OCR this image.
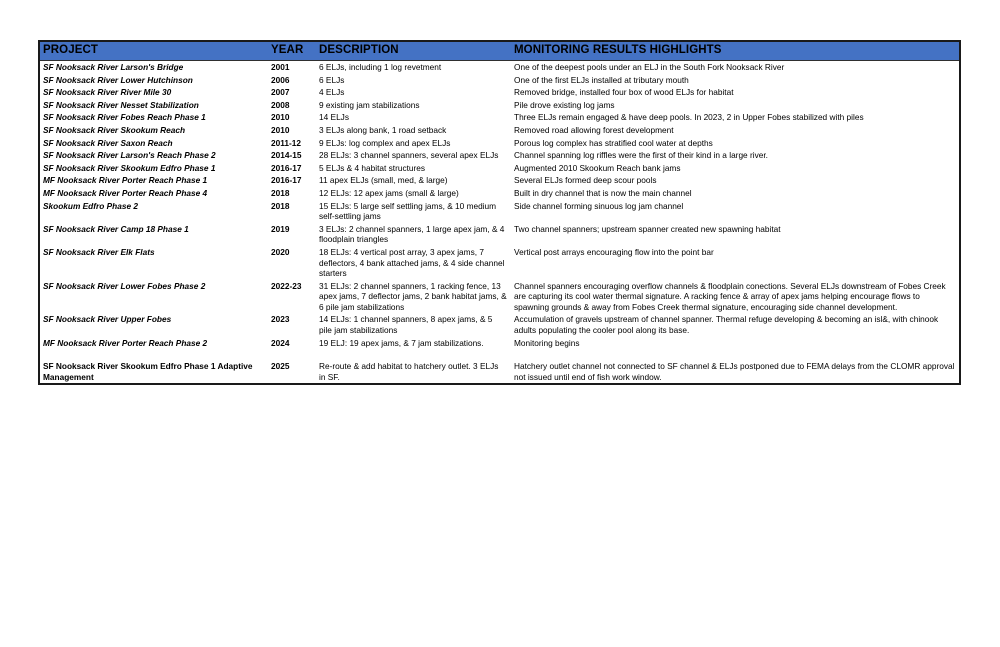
PROJECT	YEAR	DESCRIPTION	MONITORING RESULTS HIGHLIGHTS
SF Nooksack River Larson's Bridge	2001	6 ELJs, including 1 log revetment	One of the deepest pools under an ELJ in the South Fork Nooksack River
SF Nooksack River Lower Hutchinson	2006	6 ELJs	One of the first ELJs installed at tributary mouth
SF Nooksack River River Mile 30	2007	4 ELJs	Removed bridge, installed four box of wood ELJs for habitat
SF Nooksack River Nesset Stabilization	2008	9 existing jam stabilizations	Pile drove existing log jams
SF Nooksack River Fobes Reach Phase 1	2010	14 ELJs	Three ELJs remain engaged & have deep pools. In 2023, 2 in Upper Fobes stabilized with piles
SF Nooksack River Skookum Reach	2010	3 ELJs along bank, 1 road setback	Removed road allowing forest development
SF Nooksack River Saxon Reach	2011-12	9 ELJs: log complex and apex ELJs	Porous log complex has stratified cool water at depths
SF Nooksack River Larson's Reach Phase 2	2014-15	28 ELJs: 3 channel spanners, several apex ELJs	Channel spanning log riffles were the first of their kind in a large river.
SF Nooksack River Skookum Edfro Phase 1	2016-17	5 ELJs & 4 habitat structures	Augmented 2010 Skookum Reach bank jams
MF Nooksack River Porter Reach Phase 1	2016-17	11 apex ELJs (small, med, & large)	Several ELJs formed deep scour pools
MF Nooksack River Porter Reach Phase 4	2018	12 ELJs: 12 apex jams (small & large)	Built in dry channel that is now the main channel
Skookum Edfro Phase 2	2018	15 ELJs: 5 large self settling jams, & 10 medium self-settling jams	Side channel forming sinuous log jam channel
SF Nooksack River Camp 18 Phase 1	2019	3 ELJs: 2 channel spanners, 1 large apex jam, & 4 floodplain triangles	Two channel spanners; upstream spanner created new spawning habitat
SF Nooksack River Elk Flats	2020	18 ELJs: 4 vertical post array, 3 apex jams, 7 deflectors, 4 bank attached jams, & 4 side channel starters	Vertical post arrays encouraging flow into the point bar
SF Nooksack River Lower Fobes Phase 2	2022-23	31 ELJs: 2 channel spanners, 1 racking fence, 13 apex jams, 7 deflector jams, 2 bank habitat jams, & 6 pile jam stabilizations	Channel spanners encouraging overflow channels & floodplain conections. Several ELJs downstream of Fobes Creek are capturing its cool water thermal signature. A racking fence & array of apex jams helping encourage flows to spawning grounds & away from Fobes Creek thermal signature, encouraging side channel development.
SF Nooksack River Upper Fobes	2023	14 ELJs: 1 channel spanners, 8 apex jams, & 5 pile jam stabilizations	Accumulation of gravels upstream of channel spanner. Thermal refuge developing & becoming an isl&, with chinook adults populating the cooler pool along its base.
MF Nooksack River Porter Reach Phase 2	2024	19 ELJ: 19 apex jams, & 7 jam stabilizations.	Monitoring begins

SF Nooksack River Skookum Edfro Phase 1 Adaptive Management	2025	Re-route & add habitat to hatchery outlet. 3 ELJs in SF.	Hatchery outlet channel not connected to SF channel & ELJs postponed due to FEMA delays from the CLOMR approval not issued until end of fish work window.
